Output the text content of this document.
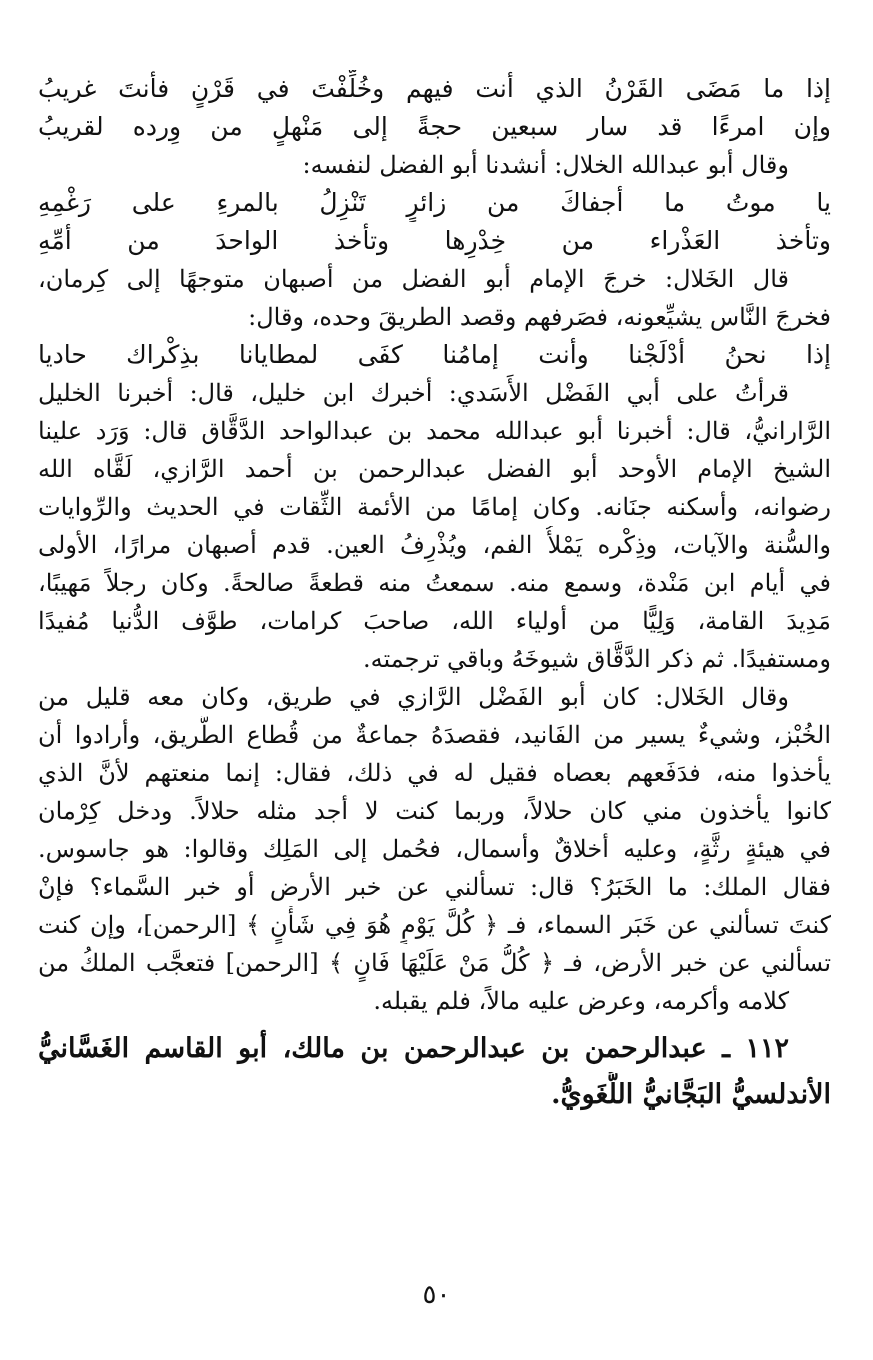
إذا ما مَضَى القَرْنُ الذي أنت فيهم وخُلِّفْتَ في قَرْنٍ فأنتَ غريبُ
وإن امرءًا قد سار سبعين حجةً إلى مَنْهلٍ من وِرده لقريبُ
وقال أبو عبدالله الخلال: أنشدنا أبو الفضل لنفسه:
يا موتُ ما أجفاكَ من زائرٍ تَنْزِلُ بالمرءِ على رَغْمِهِ
وتأخذ العَذْراء من خِدْرِها وتأخذ الواحدَ من أمِّهِ
قال الخَلال: خرجَ الإمام أبو الفضل من أصبهان متوجهًا إلى كِرمان،
فخرجَ النَّاس يشيِّعونه، فصَرفهم وقصد الطريقَ وحده، وقال:
إذا نحنُ أدْلَجْنا وأنت إمامُنا كفَى لمطايانا بذِكْراك حاديا
قرأتُ على أبي الفَضْل الأَسَدي: أخبرك ابن خليل، قال: أخبرنا الخليل
الرَّارانيُّ، قال: أخبرنا أبو عبدالله محمد بن عبدالواحد الدَّقَّاق قال: وَرَد علينا
الشيخ الإمام الأوحد أبو الفضل عبدالرحمن بن أحمد الرَّازي، لَقَّاه الله
رضوانه، وأسكنه جنَانه. وكان إمامًا من الأئمة الثِّقات في الحديث والرِّوايات
والسُّنة والآيات، وذِكْره يَمْلأُ الفم، ويُذْرِفُ العين. قدم أصبهان مرارًا، الأولى
في أيام ابن مَنْدة، وسمع منه. سمعتُ منه قطعةً صالحةً. وكان رجلاً مَهيبًا،
مَدِيدَ القامة، وَلِيًّا من أولياء الله، صاحبَ كرامات، طوَّف الدُّنيا مُفيدًا
ومستفيدًا. ثم ذكر الدَّقَّاق شيوخَهُ وباقي ترجمته.
وقال الخَلال: كان أبو الفَضْل الرَّازي في طريق، وكان معه قليل من
الخُبْز، وشيءٌ يسير من الفَانيد، فقصدَهُ جماعةٌ من قُطاع الطَّريق، وأرادوا أن
يأخذوا منه، فدَفَعهم بعصاه فقيل له في ذلك، فقال: إنما منعتهم لأنَّ الذي
كانوا يأخذون مني كان حلالاً، وربما كنت لا أجد مثله حلالاً. ودخل كِرْمان
في هيئةٍ رثَّةٍ، وعليه أخلاقٌ وأسمال، فحُمل إلى المَلِك وقالوا: هو جاسوس.
فقال الملك: ما الخَبَرُ؟ قال: تسألني عن خبر الأرض أو خبر السَّماء؟ فإنْ
كنتَ تسألني عن خَبَر السماء، فـ ﴿ كُلَّ يَوْمٍ هُوَ فِي شَأْنٍ ﴾ [الرحمن]، وإن كنت
تسألني عن خبر الأرض، فـ ﴿ كُلُّ مَنْ عَلَيْهَا فَانٍ ﴾ [الرحمن] فتعجَّب الملكُ من
كلامه وأكرمه، وعرض عليه مالاً، فلم يقبله.
١١٢ ـ عبدالرحمن بن عبدالرحمن بن مالك، أبو القاسم الغَسَّانيُّ
الأندلسيُّ البَجَّانيُّ اللُّغَويُّ.
٥٠
